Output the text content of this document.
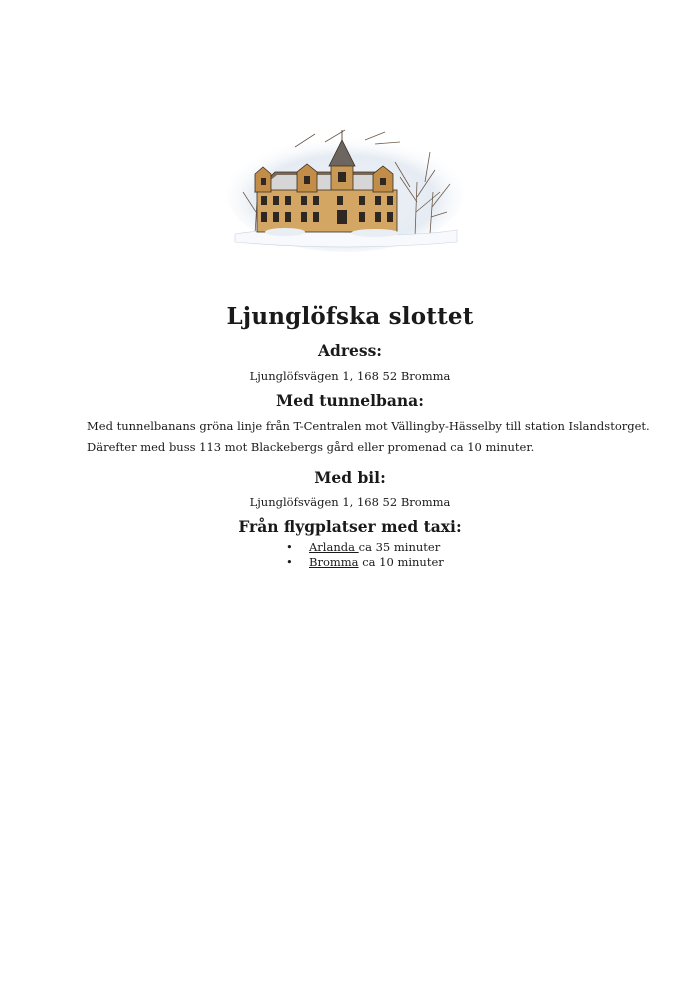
Ljunglöfska slottet
Adress:
Ljunglöfsvägen 1, 168 52 Bromma
Med tunnelbana:
Med tunnelbanans gröna linje från T-Centralen mot Vällingby-Hässelby till station Islandstorget.
Därefter med buss 113 mot Blackebergs gård eller promenad ca 10 minuter.
Med bil:
Ljunglöfsvägen 1, 168 52 Bromma
Från flygplatser med taxi:
• Arlanda ca 35 minuter
• Bromma ca 10 minuter
